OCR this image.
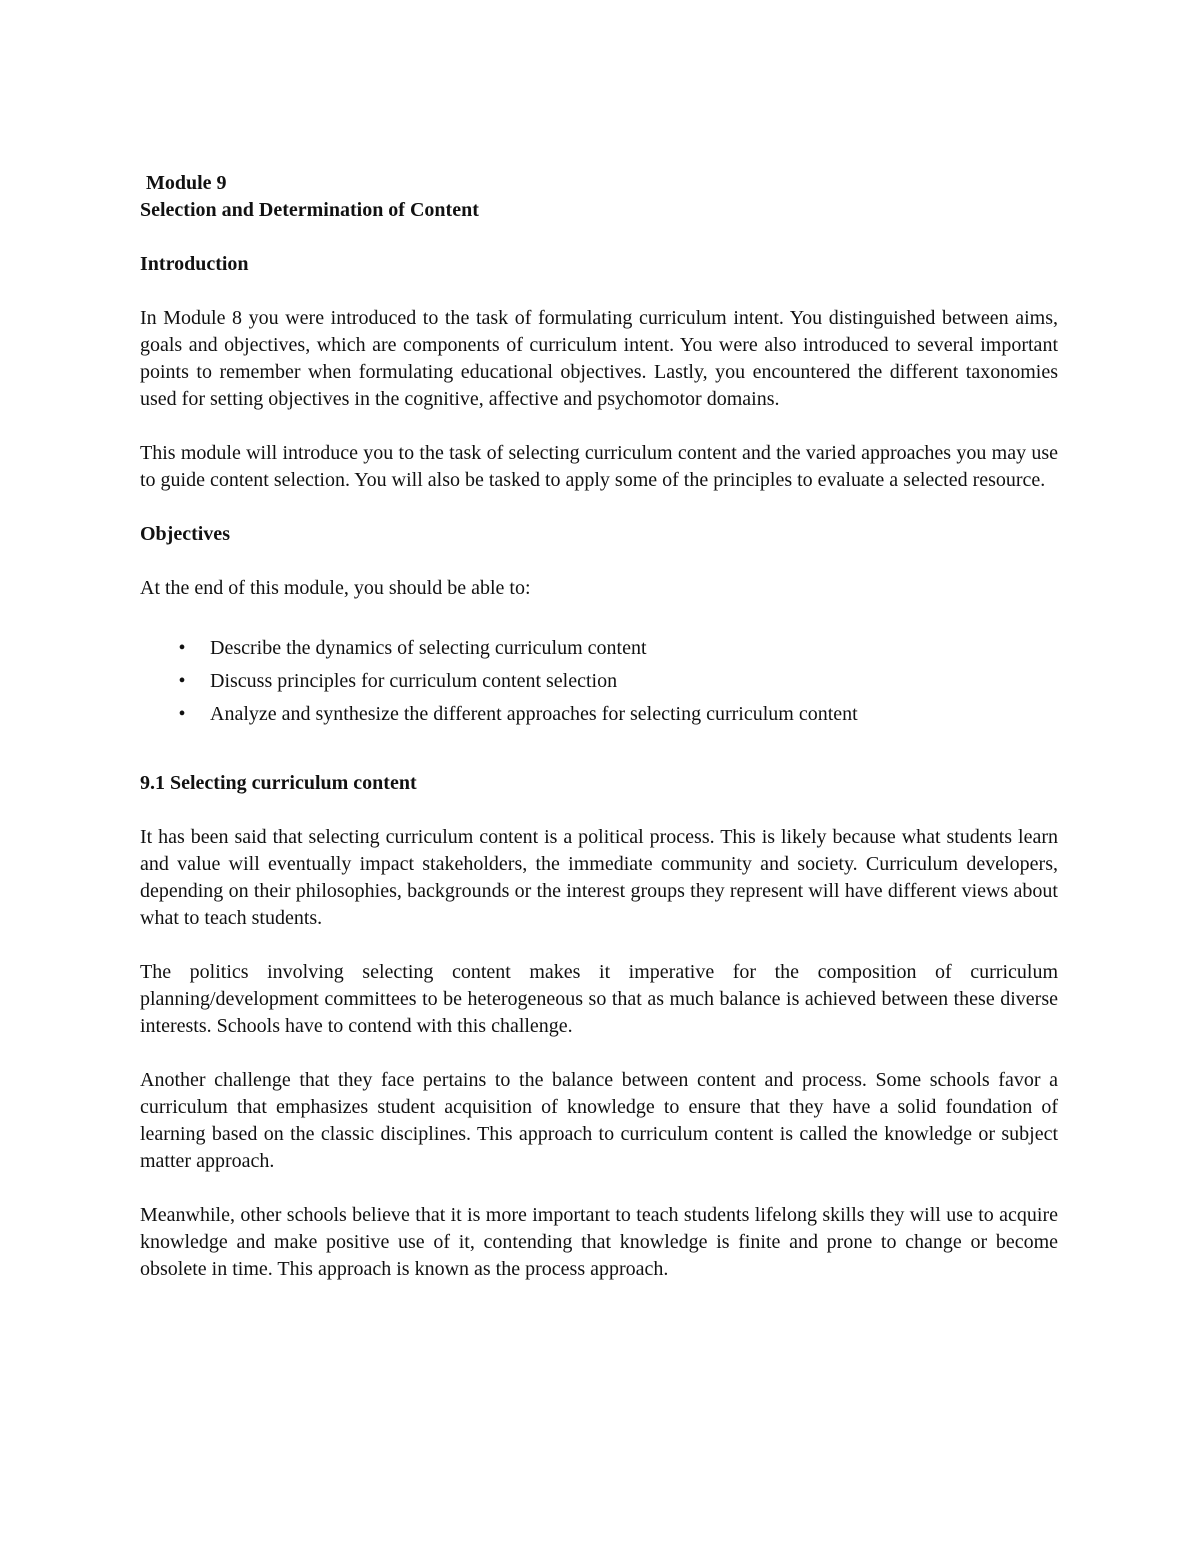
Module 9

Selection and Determination of Content

Introduction

In Module 8 you were introduced to the task of formulating curriculum intent. You distinguished between aims, goals and objectives, which are components of curriculum intent. You were also introduced to several important points to remember when formulating educational objectives. Lastly, you encountered the different taxonomies used for setting objectives in the cognitive, affective and psychomotor domains.

This module will introduce you to the task of selecting curriculum content and the varied approaches you may use to guide content selection. You will also be tasked to apply some of the principles to evaluate a selected resource.

Objectives

At the end of this module, you should be able to:

• Describe the dynamics of selecting curriculum content
• Discuss principles for curriculum content selection
• Analyze and synthesize the different approaches for selecting curriculum content

9.1 Selecting curriculum content

It has been said that selecting curriculum content is a political process. This is likely because what students learn and value will eventually impact stakeholders, the immediate community and society. Curriculum developers, depending on their philosophies, backgrounds or the interest groups they represent will have different views about what to teach students.

The politics involving selecting content makes it imperative for the composition of curriculum planning/development committees to be heterogeneous so that as much balance is achieved between these diverse interests. Schools have to contend with this challenge.

Another challenge that they face pertains to the balance between content and process. Some schools favor a curriculum that emphasizes student acquisition of knowledge to ensure that they have a solid foundation of learning based on the classic disciplines. This approach to curriculum content is called the knowledge or subject matter approach.

Meanwhile, other schools believe that it is more important to teach students lifelong skills they will use to acquire knowledge and make positive use of it, contending that knowledge is finite and prone to change or become obsolete in time. This approach is known as the process approach.
